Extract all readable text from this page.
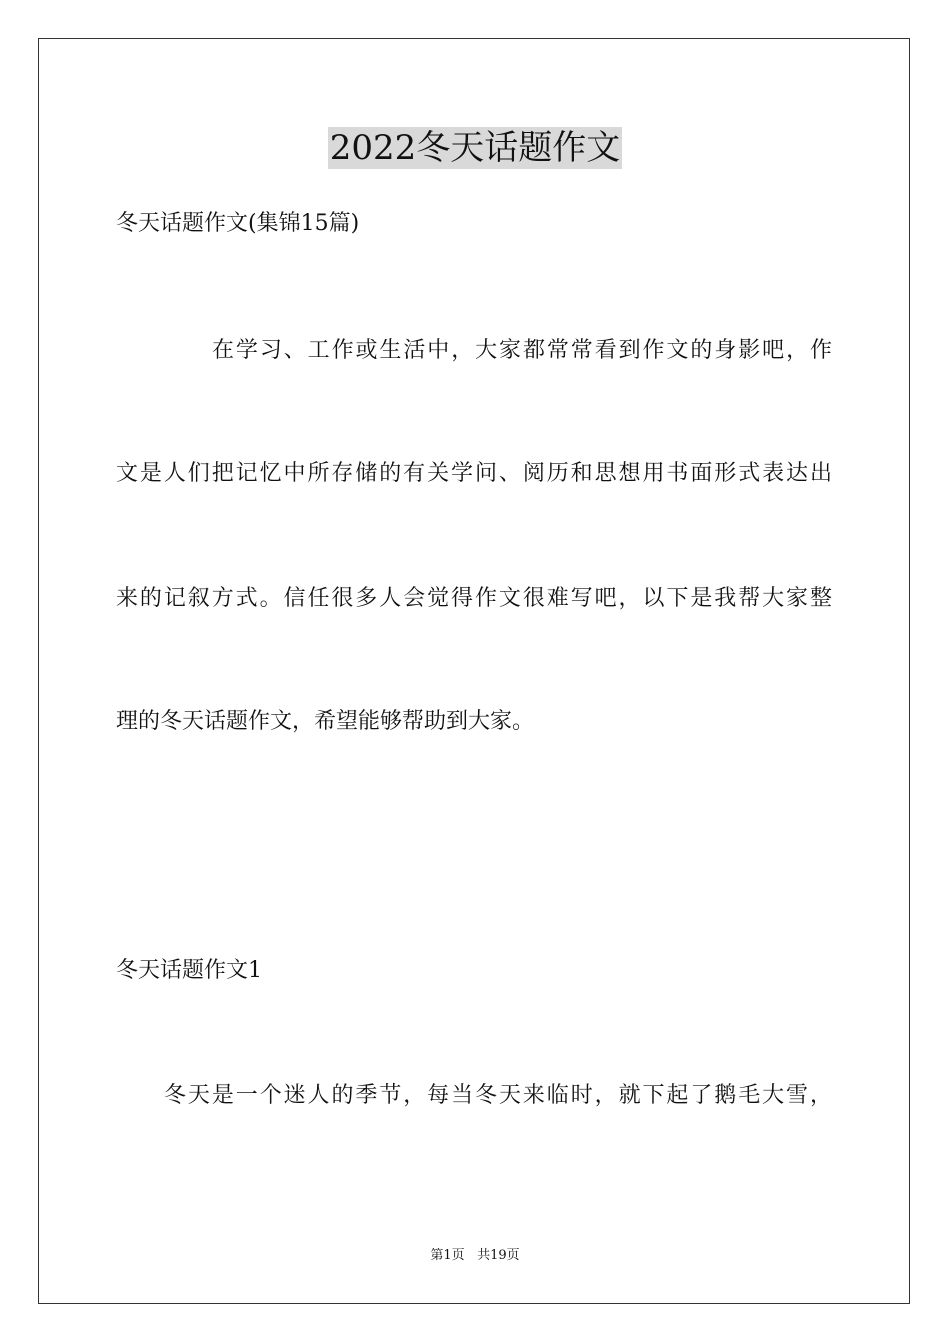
2022冬天话题作文
冬天话题作文(集锦15篇)
在学习、工作或生活中，大家都常常看到作文的身影吧，作
文是人们把记忆中所存储的有关学问、阅历和思想用书面形式表达出
来的记叙方式。信任很多人会觉得作文很难写吧，以下是我帮大家整
理的冬天话题作文，希望能够帮助到大家。
冬天话题作文1
冬天是一个迷人的季节，每当冬天来临时，就下起了鹅毛大雪，
第1页 共19页
